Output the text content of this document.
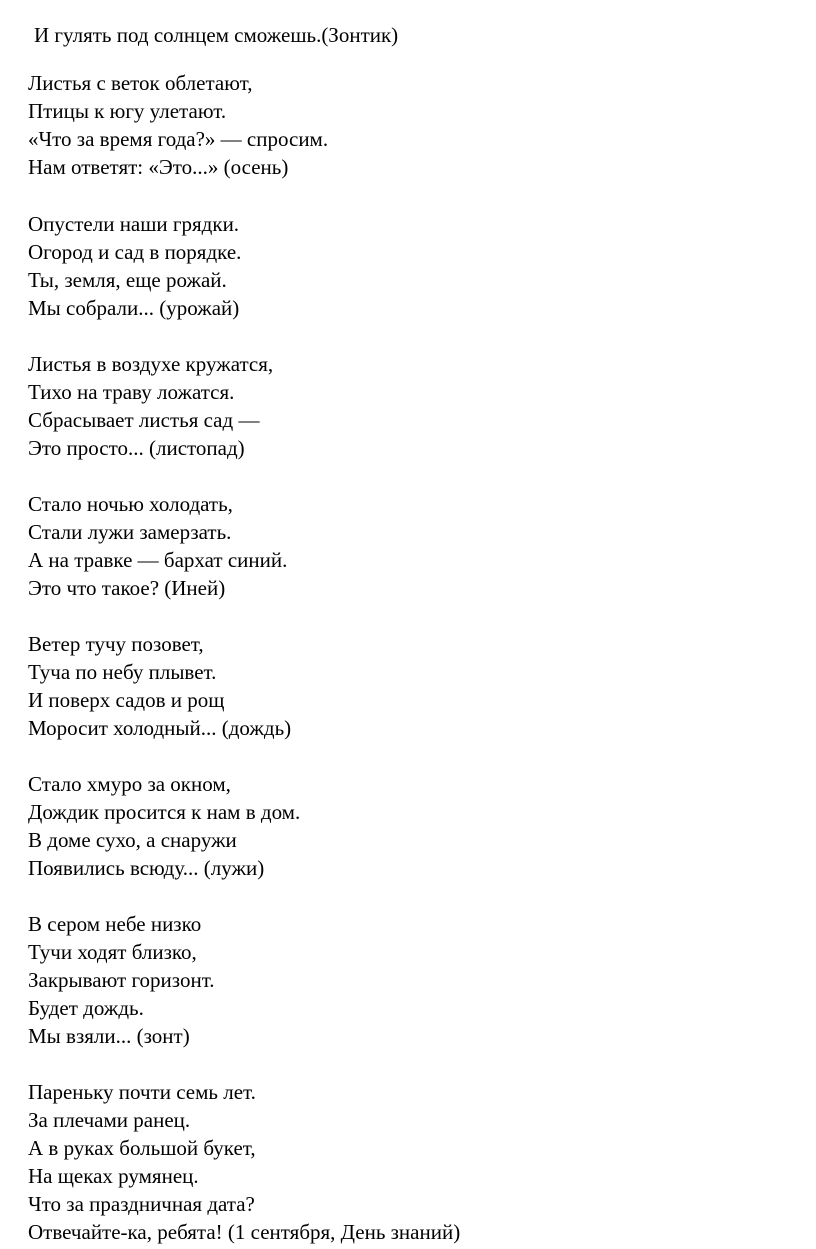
И гулять под солнцем сможешь.(Зонтик)
Листья с веток облетают,
Птицы к югу улетают.
«Что за время года?» — спросим.
Нам ответят: «Это...» (осень)
Опустели наши грядки.
Огород и сад в порядке.
Ты, земля, еще рожай.
Мы собрали... (урожай)
Листья в воздухе кружатся,
Тихо на траву ложатся.
Сбрасывает листья сад —
Это просто... (листопад)
Стало ночью холодать,
Стали лужи замерзать.
А на травке — бархат синий.
Это что такое? (Иней)
Ветер тучу позовет,
Туча по небу плывет.
И поверх садов и рощ
Моросит холодный... (дождь)
Стало хмуро за окном,
Дождик просится к нам в дом.
В доме сухо, а снаружи
Появились всюду... (лужи)
В сером небе низко
Тучи ходят близко,
Закрывают горизонт.
Будет дождь.
Мы взяли... (зонт)
Пареньку почти семь лет.
За плечами ранец.
А в руках большой букет,
На щеках румянец.
Что за праздничная дата?
Отвечайте-ка, ребята! (1 сентября, День знаний)
